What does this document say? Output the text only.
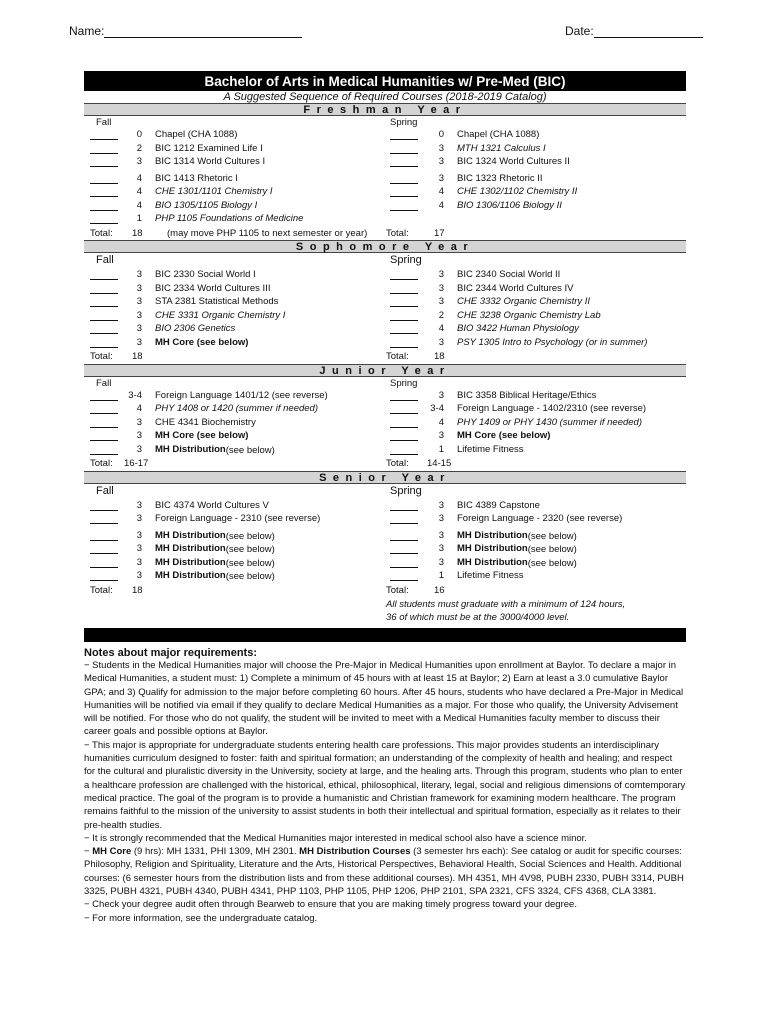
Name:	Date:
Bachelor of Arts in Medical Humanities w/ Pre-Med (BIC)
A Suggested Sequence of Required Courses (2018-2019 Catalog)
Freshman Year
Fall	Spring
0 Chapel (CHA 1088)	0 Chapel (CHA 1088)
2 BIC 1212 Examined Life I	3 MTH 1321 Calculus I
3 BIC 1314 World Cultures I	3 BIC 1324 World Cultures II
4 BIC 1413 Rhetoric I	3 BIC 1323 Rhetoric II
4 CHE 1301/1101 Chemistry I	4 CHE 1302/1102 Chemistry II
4 BIO 1305/1105 Biology I	4 BIO 1306/1106 Biology II
1 PHP 1105 Foundations of Medicine
Total: 18	(may move PHP 1105 to next semester or year) Total:	17
Sophomore Year
Fall	Spring
3 BIC 2330 Social World I	3 BIC 2340 Social World II
3 BIC 2334 World Cultures III	3 BIC 2344 World Cultures IV
3 STA 2381 Statistical Methods	3 CHE 3332 Organic Chemistry II
3 CHE 3331 Organic Chemistry I	2 CHE 3238 Organic Chemistry Lab
3 BIO 2306 Genetics	4 BIO 3422 Human Physiology
3 MH Core (see below)	3 PSY 1305 Intro to Psychology (or in summer)
Total: 18	Total:	18
Junior Year
Fall	Spring
3-4 Foreign Language 1401/12 (see reverse)	3 BIC 3358 Biblical Heritage/Ethics
4 PHY 1408 or 1420 (summer if needed)	3-4 Foreign Language - 1402/2310 (see reverse)
3 CHE 4341 Biochemistry	4 PHY 1409 or PHY 1430 (summer if needed)
3 MH Core (see below)	3 MH Core (see below)
3 MH Distribution (see below)	1 Lifetime Fitness
Total: 16-17	Total: 14-15
Senior Year
Fall	Spring
3 BIC 4374 World Cultures V	3 BIC 4389 Capstone
3 Foreign Language - 2310 (see reverse)	3 Foreign Language - 2320 (see reverse)
3 MH Distribution (see below)	3 MH Distribution (see below)
3 MH Distribution (see below)	3 MH Distribution (see below)
3 MH Distribution (see below)	3 MH Distribution (see below)
3 MH Distribution (see below)	1 Lifetime Fitness
Total: 18	Total:	16
All students must graduate with a minimum of 124 hours,
36 of which must be at the 3000/4000 level.
Notes about major requirements:
− Students in the Medical Humanities major will choose the Pre-Major in Medical Humanities upon enrollment at Baylor. To declare a major in Medical Humanities, a student must: 1) Complete a minimum of 45 hours with at least 15 at Baylor; 2) Earn at least a 3.0 cumulative Baylor GPA; and 3) Qualify for admission to the major before completing 60 hours. After 45 hours, students who have declared a Pre-Major in Medical Humanities will be notified via email if they qualify to declare Medical Humanities as a major. For those who qualify, the University Advisement will be notified. For those who do not qualify, the student will be invited to meet with a Medical Humanities faculty member to discuss their career goals and possible options at Baylor.
− This major is appropriate for undergraduate students entering health care professions. This major provides students an interdisciplinary humanities curriculum designed to foster: faith and spiritual formation; an understanding of the complexity of health and healing; and respect for the cultural and pluralistic diversity in the University, society at large, and the healing arts. Through this program, students who plan to enter a healthcare profession are challenged with the historical, ethical, philosophical, literary, legal, social and religious dimensions of comtemporary medical practice. The goal of the program is to provide a humanistic and Christian framework for examining modern healthcare. The program remains faithful to the mission of the university to assist students in both their intellectual and spiritual formation, especially as it relates to their pre-health studies.
− It is strongly recommended that the Medical Humanities major interested in medical school also have a science minor.
− MH Core (9 hrs): MH 1331, PHI 1309, MH 2301. MH Distribution Courses (3 semester hrs each): See catalog or audit for specific courses: Philosophy, Religion and Spirituality, Literature and the Arts, Historical Perspectives, Behavioral Health, Social Sciences and Health. Additional courses: (6 semester hours from the distribution lists and from these additional courses). MH 4351, MH 4V98, PUBH 2330, PUBH 3314, PUBH 3325, PUBH 4321, PUBH 4340, PUBH 4341, PHP 1103, PHP 1105, PHP 1206, PHP 2101, SPA 2321, CFS 3324, CFS 4368, CLA 3381.
− Check your degree audit often through Bearweb to ensure that you are making timely progress toward your degree.
− For more information, see the undergraduate catalog.
